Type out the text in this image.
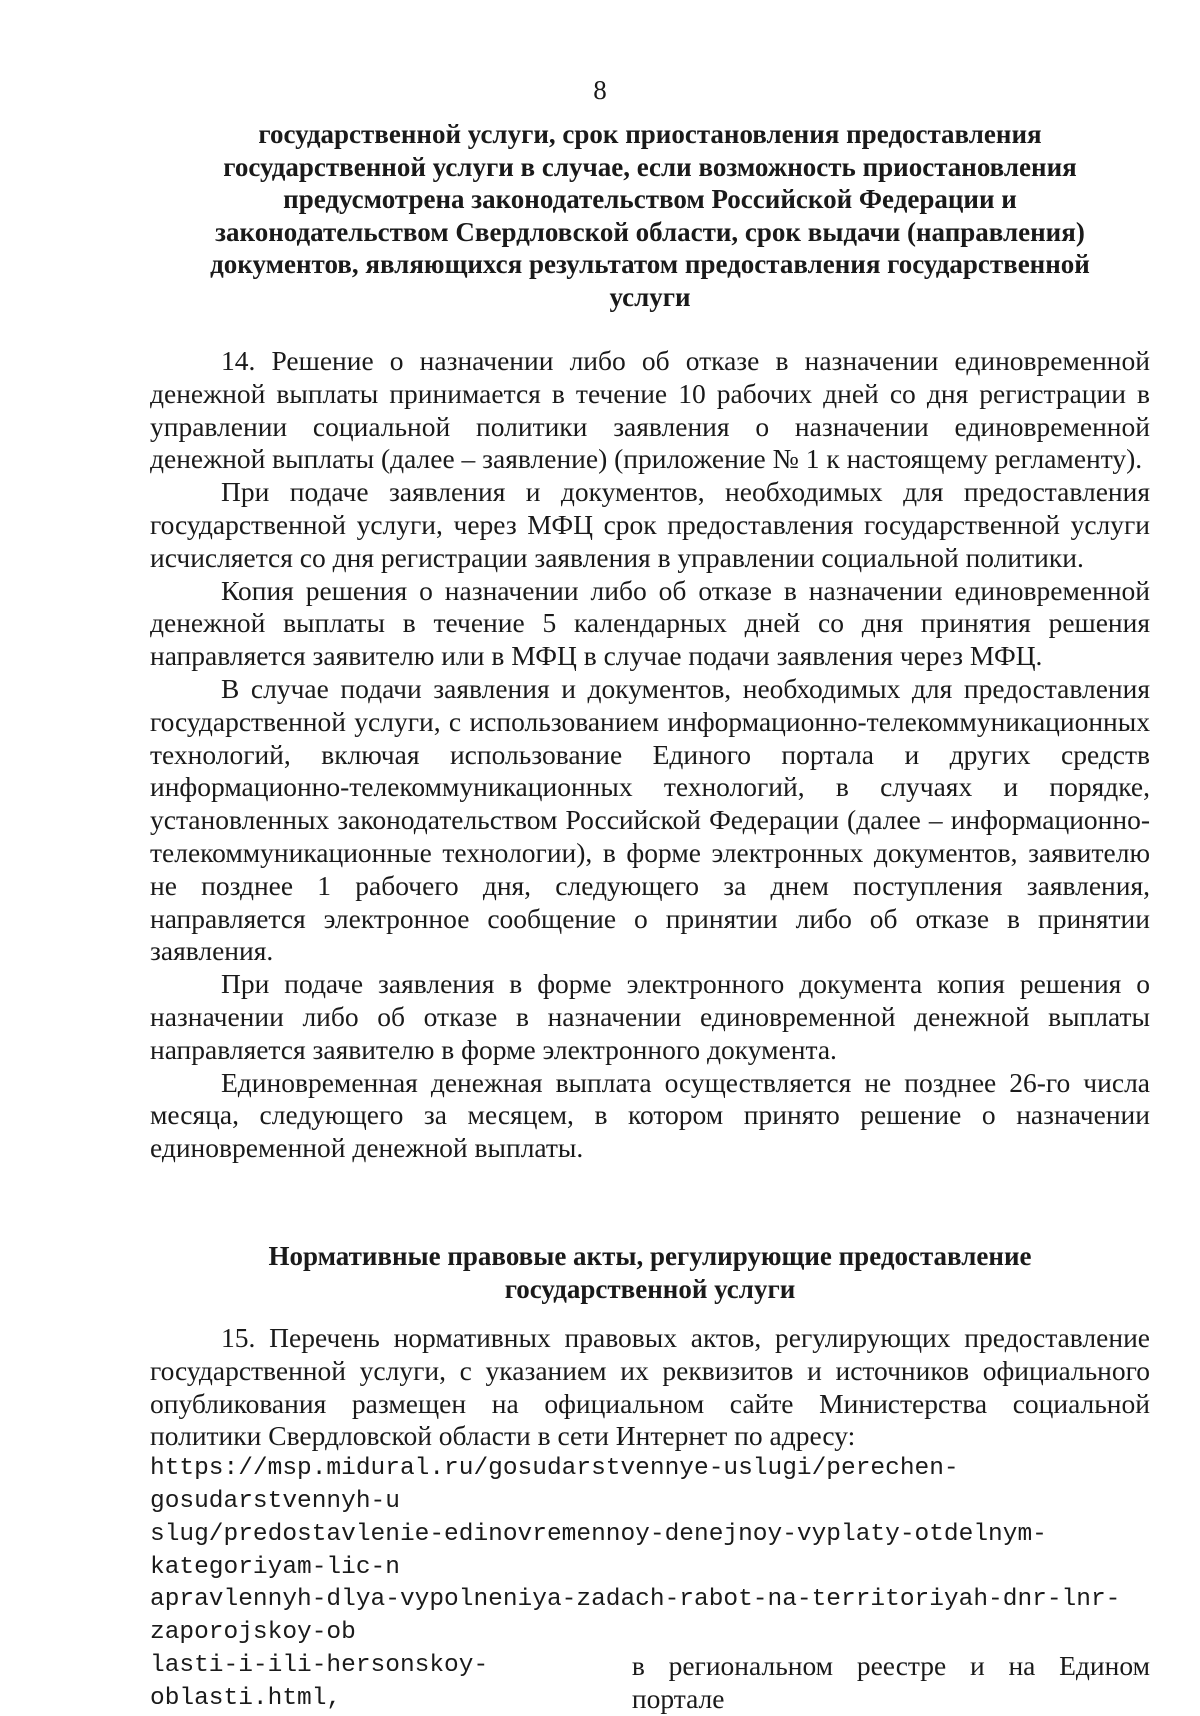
8

государственной услуги, срок приостановления предоставления

государственной услуги в случае, если возможность приостановления

предусмотрена законодательством Российской Федерации и

законодательством Свердловской области, срок выдачи (направления)

документов, являющихся результатом предоставления государственной

услуги

14. Решение о назначении либо об отказе в назначении единовременной денежной выплаты принимается в течение 10 рабочих дней со дня регистрации в управлении социальной политики заявления о назначении единовременной денежной выплаты (далее – заявление) (приложение № 1 к настоящему регламенту).

При подаче заявления и документов, необходимых для предоставления государственной услуги, через МФЦ срок предоставления государственной услуги исчисляется со дня регистрации заявления в управлении социальной политики.

Копия решения о назначении либо об отказе в назначении единовременной денежной выплаты в течение 5 календарных дней со дня принятия решения направляется заявителю или в МФЦ в случае подачи заявления через МФЦ.

В случае подачи заявления и документов, необходимых для предоставления государственной услуги, с использованием информационно-телекоммуникационных технологий, включая использование Единого портала и других средств информационно-телекоммуникационных технологий, в случаях и порядке, установленных законодательством Российской Федерации (далее – информационно-телекоммуникационные технологии), в форме электронных документов, заявителю не позднее 1 рабочего дня, следующего за днем поступления заявления, направляется электронное сообщение о принятии либо об отказе в принятии заявления.

При подаче заявления в форме электронного документа копия решения о назначении либо об отказе в назначении единовременной денежной выплаты направляется заявителю в форме электронного документа.

Единовременная денежная выплата осуществляется не позднее 26-го числа месяца, следующего за месяцем, в котором принято решение о назначении единовременной денежной выплаты.

Нормативные правовые акты, регулирующие предоставление

государственной услуги

15. Перечень нормативных правовых актов, регулирующих предоставление государственной услуги, с указанием их реквизитов и источников официального опубликования размещен на официальном сайте Министерства социальной политики Свердловской области в сети Интернет по адресу:

https://msp.midural.ru/gosudarstvennye-uslugi/perechen-gosudarstvennyh-u
slug/predostavlenie-edinovremennoy-denejnoy-vyplaty-otdelnym-kategoriyam-lic-n
apravlennyh-dlya-vypolneniya-zadach-rabot-na-territoriyah-dnr-lnr-zaporojskoy-ob
lasti-i-ili-hersonskoy-oblasti.html,
в региональном реестре и на Едином портале
